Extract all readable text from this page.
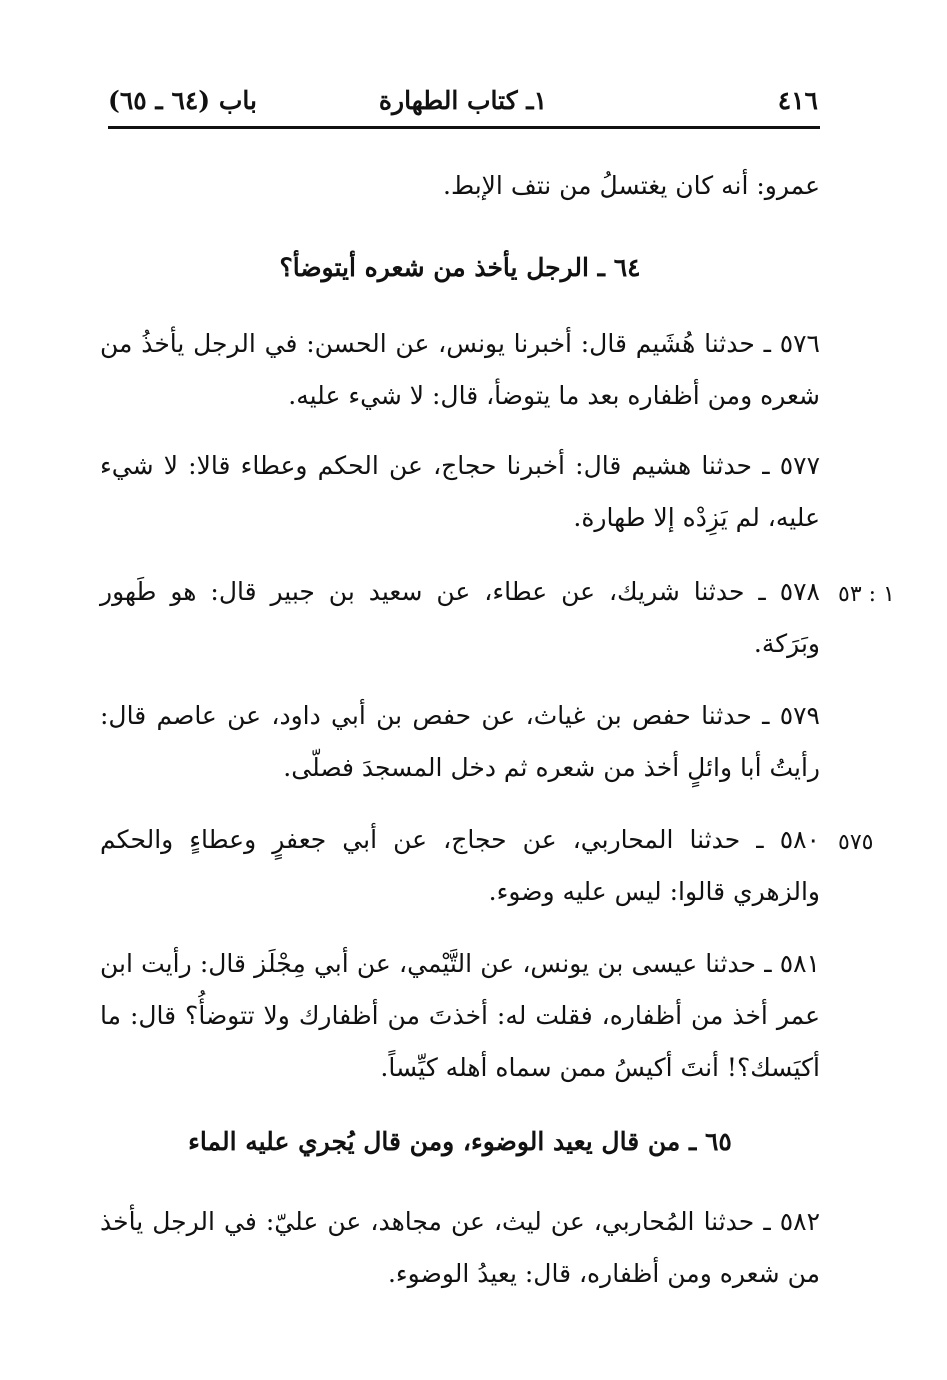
٤١٦
١ـ كتاب الطهارة
باب (٦٤ ـ ٦٥)
عمرو: أنه كان يغتسلُ من نتف الإبط.
٦٤ ـ الرجل يأخذ من شعره أيتوضأ؟
٥٧٦ ـ حدثنا هُشَيم قال: أخبرنا يونس، عن الحسن: في الرجل يأخذُ من شعره ومن أظفاره بعد ما يتوضأ، قال: لا شيء عليه.
٥٧٧ ـ حدثنا هشيم قال: أخبرنا حجاج، عن الحكم وعطاء قالا: لا شيء عليه، لم يَزِدْه إلا طهارة.
٥٧٨ ـ حدثنا شريك، عن عطاء، عن سعيد بن جبير قال: هو طَهور وبَرَكة.
١ : ٥٣
٥٧٩ ـ حدثنا حفص بن غياث، عن حفص بن أبي داود، عن عاصم قال: رأيتُ أبا وائلٍ أخذ من شعره ثم دخل المسجدَ فصلّى.
٥٨٠ ـ حدثنا المحاربي، عن حجاج، عن أبي جعفرٍ وعطاءٍ والحكم والزهري قالوا: ليس عليه وضوء.
٥٧٥
٥٨١ ـ حدثنا عيسى بن يونس، عن التَّيْمي، عن أبي مِجْلَز قال: رأيت ابن عمر أخذ من أظفاره، فقلت له: أخذتَ من أظفارك ولا تتوضأُ؟ قال: ما أكيَسك؟! أنتَ أكيسُ ممن سماه أهله كيِّساً.
٦٥ ـ من قال يعيد الوضوء، ومن قال يُجري عليه الماء
٥٨٢ ـ حدثنا المُحاربي، عن ليث، عن مجاهد، عن عليّ: في الرجل يأخذ من شعره ومن أظفاره، قال: يعيدُ الوضوء.
